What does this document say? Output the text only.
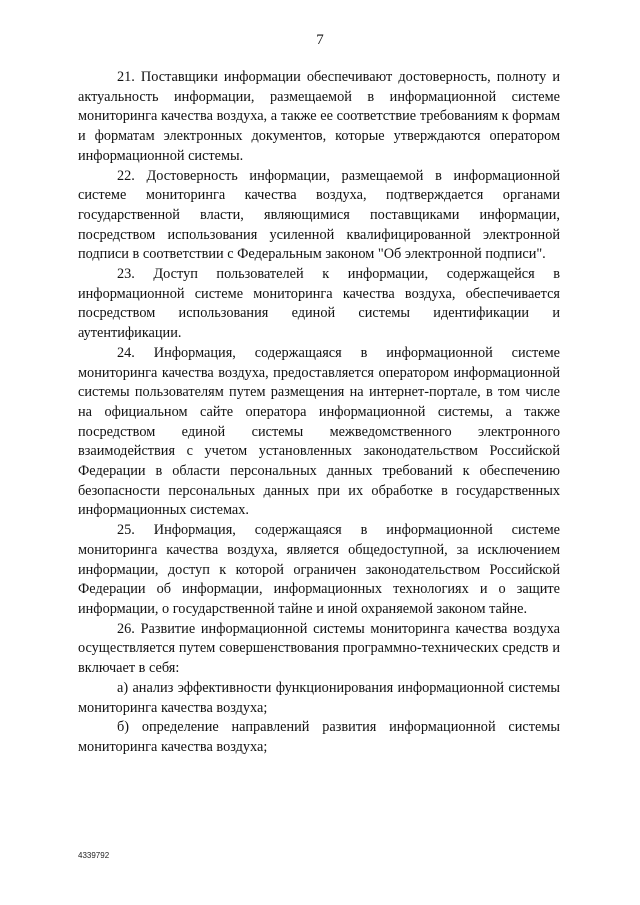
7

21. Поставщики информации обеспечивают достоверность, полноту и актуальность информации, размещаемой в информационной системе мониторинга качества воздуха, а также ее соответствие требованиям к формам и форматам электронных документов, которые утверждаются оператором информационной системы.

22. Достоверность информации, размещаемой в информационной системе мониторинга качества воздуха, подтверждается органами государственной власти, являющимися поставщиками информации, посредством использования усиленной квалифицированной электронной подписи в соответствии с Федеральным законом "Об электронной подписи".

23. Доступ пользователей к информации, содержащейся в информационной системе мониторинга качества воздуха, обеспечивается посредством использования единой системы идентификации и аутентификации.

24. Информация, содержащаяся в информационной системе мониторинга качества воздуха, предоставляется оператором информационной системы пользователям путем размещения на интернет-портале, в том числе на официальном сайте оператора информационной системы, а также посредством единой системы межведомственного электронного взаимодействия с учетом установленных законодательством Российской Федерации в области персональных данных требований к обеспечению безопасности персональных данных при их обработке в государственных информационных системах.

25. Информация, содержащаяся в информационной системе мониторинга качества воздуха, является общедоступной, за исключением информации, доступ к которой ограничен законодательством Российской Федерации об информации, информационных технологиях и о защите информации, о государственной тайне и иной охраняемой законом тайне.

26. Развитие информационной системы мониторинга качества воздуха осуществляется путем совершенствования программно-технических средств и включает в себя:

а) анализ эффективности функционирования информационной системы мониторинга качества воздуха;

б) определение направлений развития информационной системы мониторинга качества воздуха;

4339792
